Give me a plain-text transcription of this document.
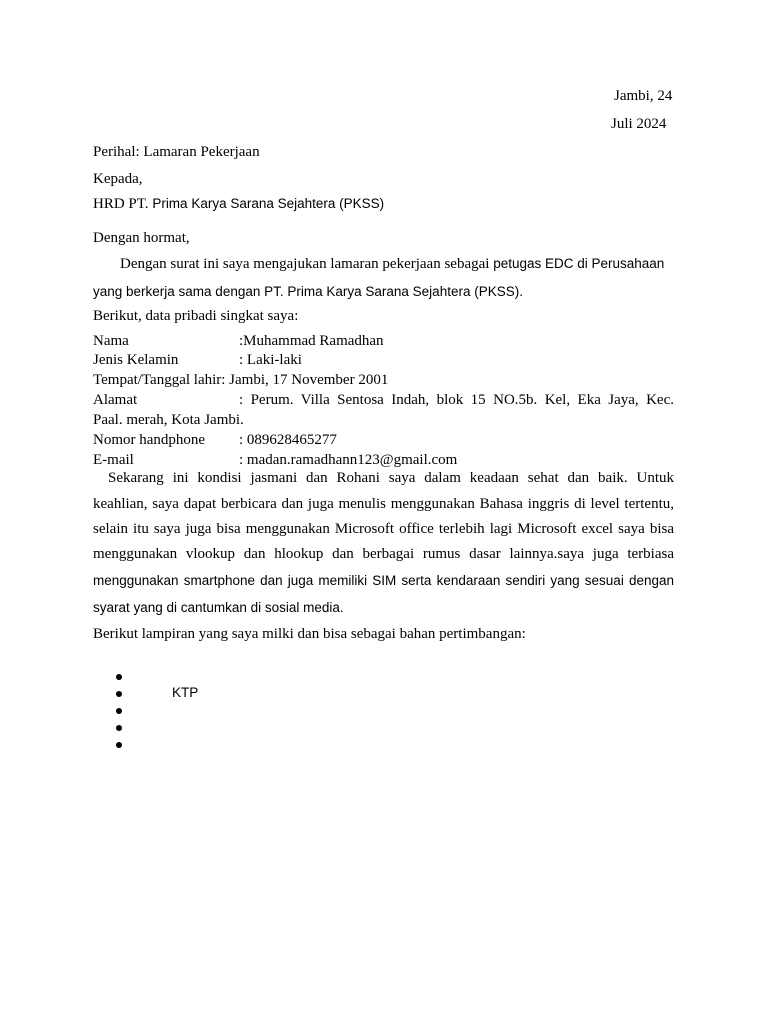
Jambi, 24
Juli 2024
Perihal: Lamaran Pekerjaan
Kepada,
HRD PT. Prima Karya Sarana Sejahtera (PKSS)
Dengan hormat,
Dengan surat ini saya mengajukan lamaran pekerjaan sebagai petugas EDC di Perusahaan
yang berkerja sama dengan PT. Prima Karya Sarana Sejahtera (PKSS).
Berikut, data pribadi singkat saya:
Nama	:Muhammad Ramadhan
Jenis Kelamin	: Laki-laki
Tempat/Tanggal lahir: Jambi, 17 November 2001
Alamat	: Perum. Villa Sentosa Indah, blok 15 NO.5b. Kel, Eka Jaya, Kec.
Paal. merah, Kota Jambi.
Nomor handphone : 089628465277
E-mail	: madan.ramadhann123@gmail.com
Sekarang ini kondisi jasmani dan Rohani saya dalam keadaan sehat dan baik. Untuk
keahlian, saya dapat berbicara dan juga menulis menggunakan Bahasa inggris di level tertentu,
selain itu saya juga bisa menggunakan Microsoft office terlebih lagi Microsoft excel saya bisa
menggunakan vlookup dan hlookup dan berbagai rumus dasar lainnya.saya juga terbiasa
menggunakan smartphone dan juga memiliki SIM serta kendaraan sendiri yang sesuai dengan
syarat yang di cantumkan di sosial media.
Berikut lampiran yang saya milki dan bisa sebagai bahan pertimbangan:
KTP
